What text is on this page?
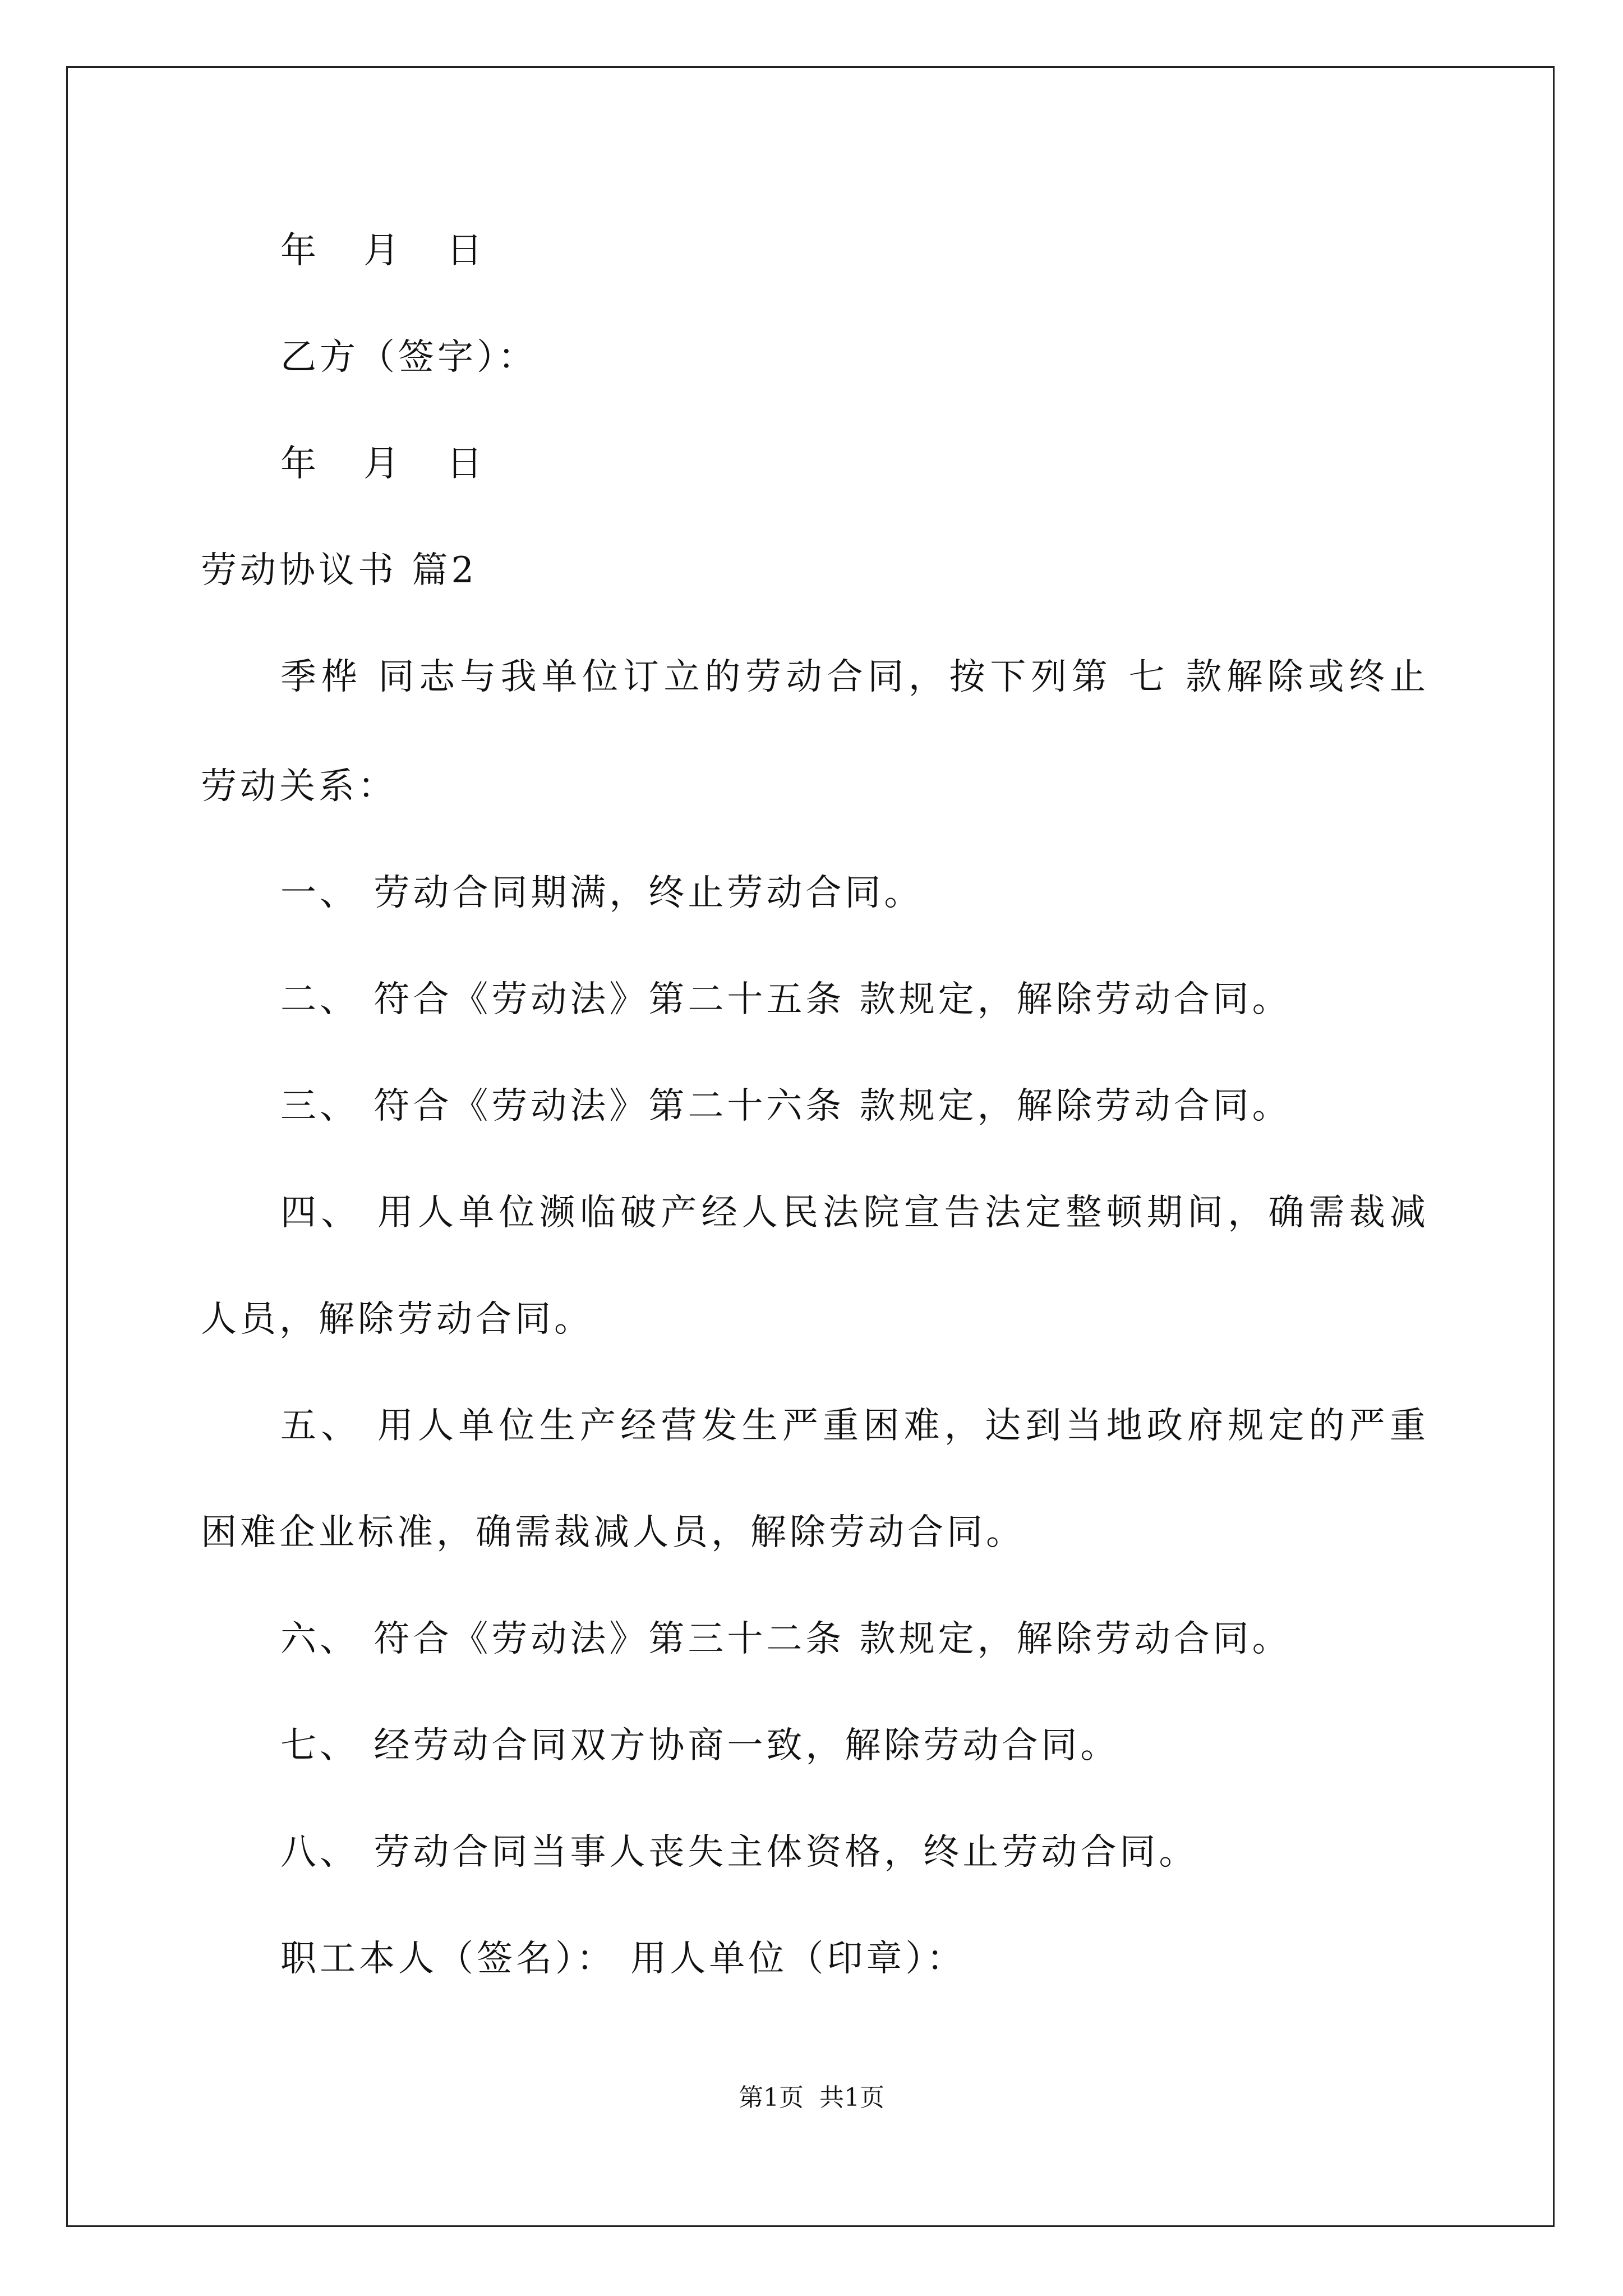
年 月 日
乙方（签字）：
年 月 日
劳动协议书 篇2
季桦 同志与我单位订立的劳动合同，按下列第 七 款解除或终止
劳动关系：
一、 劳动合同期满，终止劳动合同。
二、 符合《劳动法》第二十五条 款规定，解除劳动合同。
三、 符合《劳动法》第二十六条 款规定，解除劳动合同。
四、 用人单位濒临破产经人民法院宣告法定整顿期间，确需裁减
人员，解除劳动合同。
五、 用人单位生产经营发生严重困难，达到当地政府规定的严重
困难企业标准，确需裁减人员，解除劳动合同。
六、 符合《劳动法》第三十二条 款规定，解除劳动合同。
七、 经劳动合同双方协商一致，解除劳动合同。
八、 劳动合同当事人丧失主体资格，终止劳动合同。
职工本人（签名）： 用人单位（印章）：
第1页  共1页
